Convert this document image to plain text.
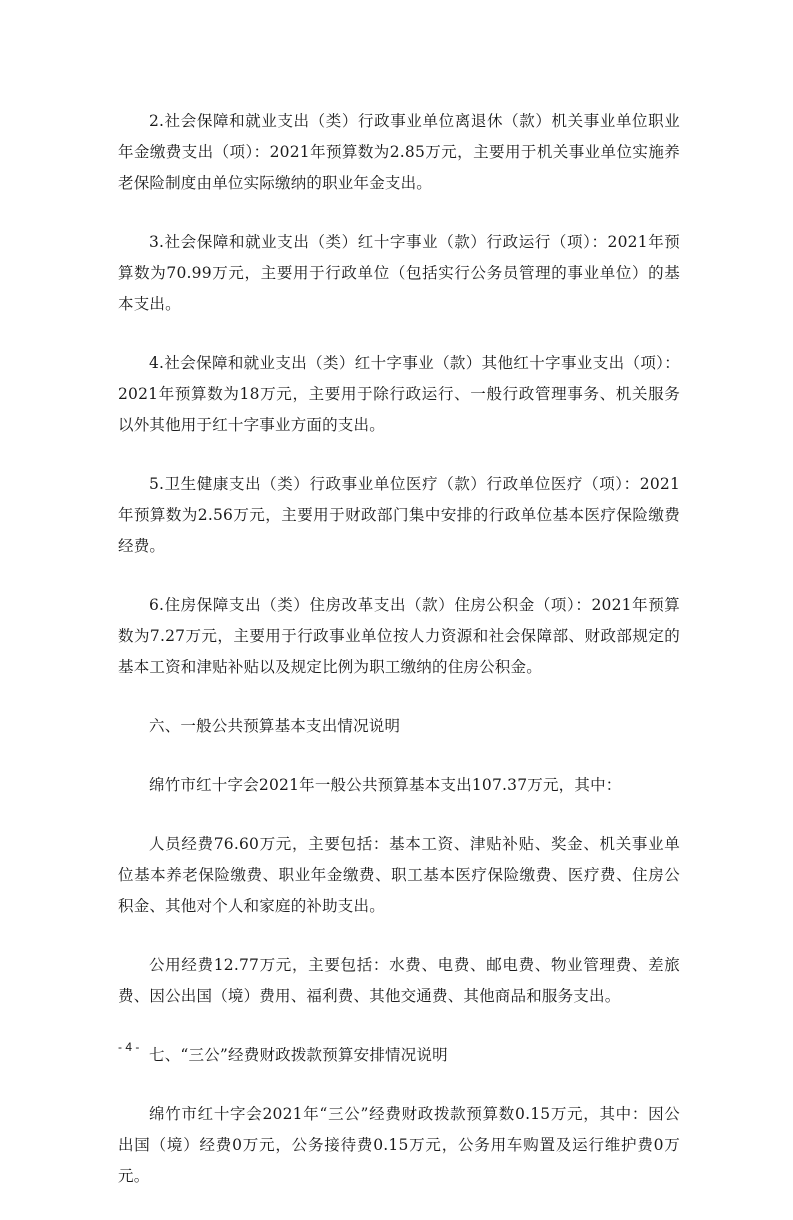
2.社会保障和就业支出（类）行政事业单位离退休（款）机关事业单位职业年金缴费支出（项）：2021年预算数为2.85万元，主要用于机关事业单位实施养老保险制度由单位实际缴纳的职业年金支出。

3.社会保障和就业支出（类）红十字事业（款）行政运行（项）：2021年预算数为70.99万元，主要用于行政单位（包括实行公务员管理的事业单位）的基本支出。

4.社会保障和就业支出（类）红十字事业（款）其他红十字事业支出（项）：2021年预算数为18万元，主要用于除行政运行、一般行政管理事务、机关服务以外其他用于红十字事业方面的支出。

5.卫生健康支出（类）行政事业单位医疗（款）行政单位医疗（项）：2021年预算数为2.56万元，主要用于财政部门集中安排的行政单位基本医疗保险缴费经费。

6.住房保障支出（类）住房改革支出（款）住房公积金（项）：2021年预算数为7.27万元，主要用于行政事业单位按人力资源和社会保障部、财政部规定的基本工资和津贴补贴以及规定比例为职工缴纳的住房公积金。

六、一般公共预算基本支出情况说明

绵竹市红十字会2021年一般公共预算基本支出107.37万元，其中：

人员经费76.60万元，主要包括：基本工资、津贴补贴、奖金、机关事业单位基本养老保险缴费、职业年金缴费、职工基本医疗保险缴费、医疗费、住房公积金、其他对个人和家庭的补助支出。

公用经费12.77万元，主要包括：水费、电费、邮电费、物业管理费、差旅费、因公出国（境）费用、福利费、其他交通费、其他商品和服务支出。

七、“三公”经费财政拨款预算安排情况说明

绵竹市红十字会2021年“三公”经费财政拨款预算数0.15万元，其中：因公出国（境）经费0万元，公务接待费0.15万元，公务用车购置及运行维护费0万元。

- 4 -
